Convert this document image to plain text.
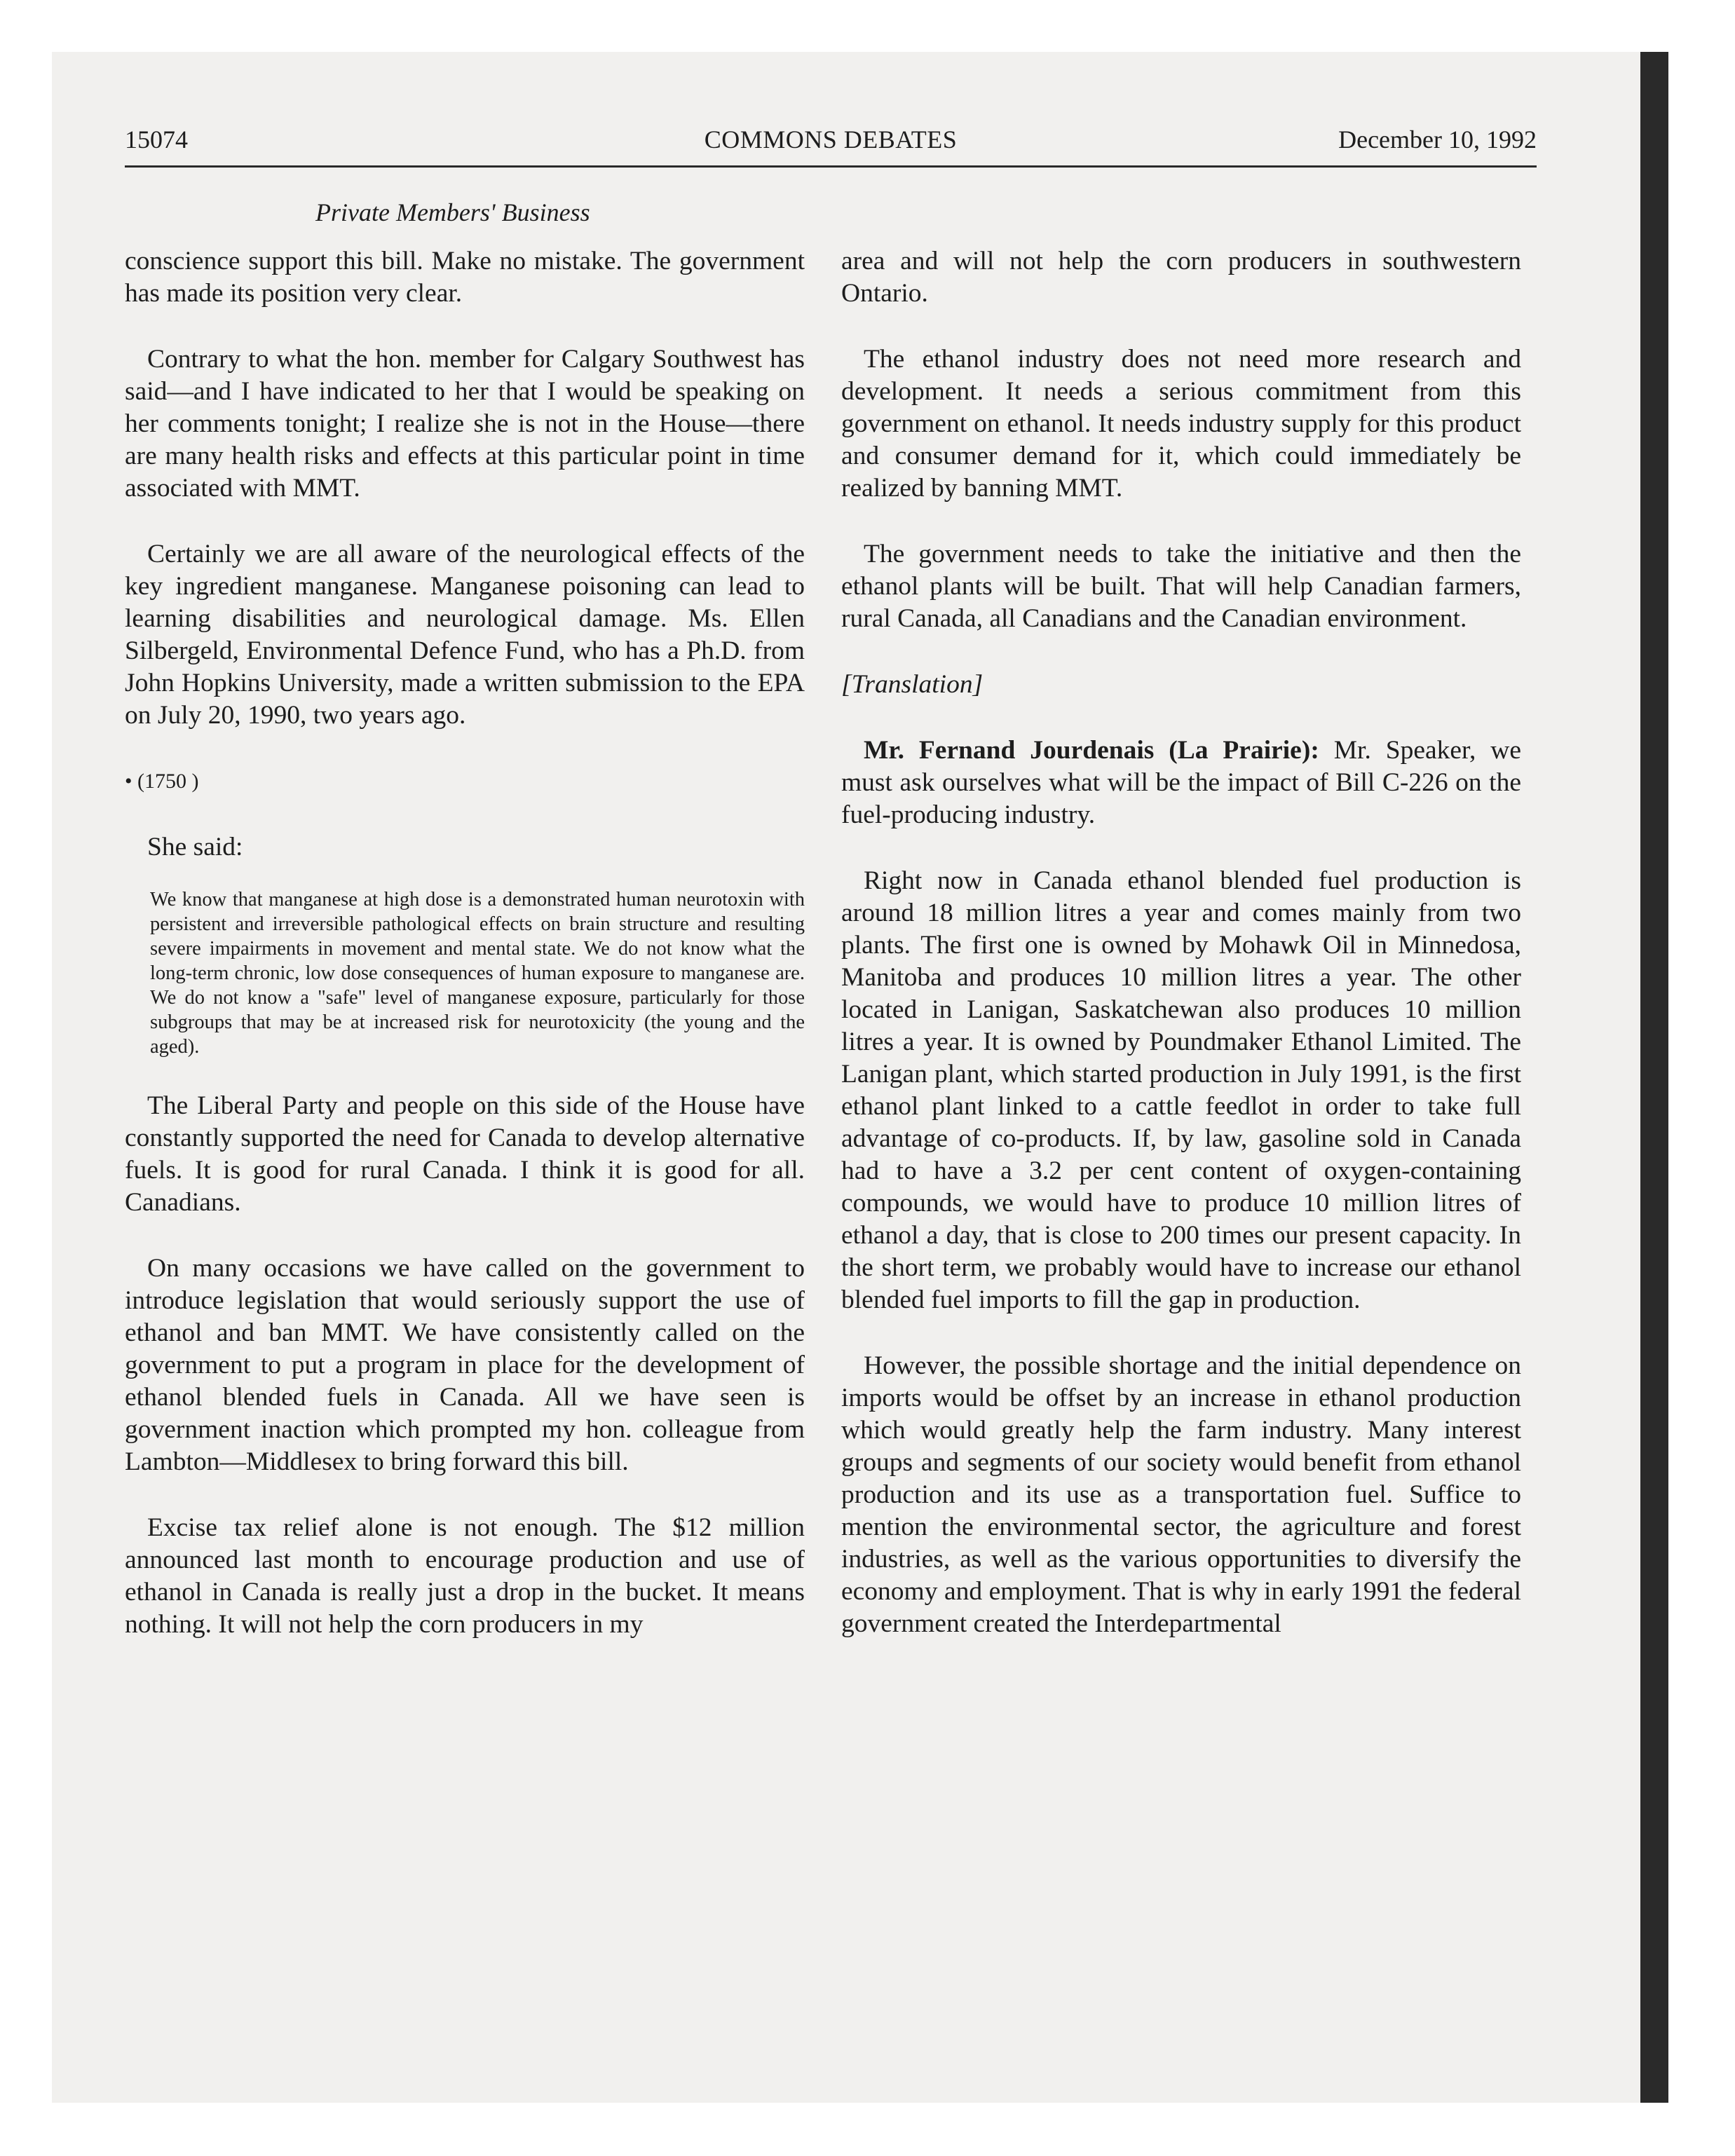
15074	COMMONS DEBATES	December 10, 1992
Private Members' Business

conscience support this bill. Make no mistake. The government has made its position very clear.

Contrary to what the hon. member for Calgary Southwest has said—and I have indicated to her that I would be speaking on her comments tonight; I realize she is not in the House—there are many health risks and effects at this particular point in time associated with MMT.

Certainly we are all aware of the neurological effects of the key ingredient manganese. Manganese poisoning can lead to learning disabilities and neurological damage. Ms. Ellen Silbergeld, Environmental Defence Fund, who has a Ph.D. from John Hopkins University, made a written submission to the EPA on July 20, 1990, two years ago.

• (1750 )

She said:

We know that manganese at high dose is a demonstrated human neurotoxin with persistent and irreversible pathological effects on brain structure and resulting severe impairments in movement and mental state. We do not know what the long-term chronic, low dose consequences of human exposure to manganese are. We do not know a "safe" level of manganese exposure, particularly for those subgroups that may be at increased risk for neurotoxicity (the young and the aged).

The Liberal Party and people on this side of the House have constantly supported the need for Canada to develop alternative fuels. It is good for rural Canada. I think it is good for all. Canadians.

On many occasions we have called on the government to introduce legislation that would seriously support the use of ethanol and ban MMT. We have consistently called on the government to put a program in place for the development of ethanol blended fuels in Canada. All we have seen is government inaction which prompted my hon. colleague from Lambton—Middlesex to bring forward this bill.

Excise tax relief alone is not enough. The $12 million announced last month to encourage production and use of ethanol in Canada is really just a drop in the bucket. It means nothing. It will not help the corn producers in my

area and will not help the corn producers in southwestern Ontario.

The ethanol industry does not need more research and development. It needs a serious commitment from this government on ethanol. It needs industry supply for this product and consumer demand for it, which could immediately be realized by banning MMT.

The government needs to take the initiative and then the ethanol plants will be built. That will help Canadian farmers, rural Canada, all Canadians and the Canadian environment.

[Translation]

Mr. Fernand Jourdenais (La Prairie): Mr. Speaker, we must ask ourselves what will be the impact of Bill C-226 on the fuel-producing industry.

Right now in Canada ethanol blended fuel production is around 18 million litres a year and comes mainly from two plants. The first one is owned by Mohawk Oil in Minnedosa, Manitoba and produces 10 million litres a year. The other located in Lanigan, Saskatchewan also produces 10 million litres a year. It is owned by Poundmaker Ethanol Limited. The Lanigan plant, which started production in July 1991, is the first ethanol plant linked to a cattle feedlot in order to take full advantage of co-products. If, by law, gasoline sold in Canada had to have a 3.2 per cent content of oxygen-containing compounds, we would have to produce 10 million litres of ethanol a day, that is close to 200 times our present capacity. In the short term, we probably would have to increase our ethanol blended fuel imports to fill the gap in production.

However, the possible shortage and the initial dependence on imports would be offset by an increase in ethanol production which would greatly help the farm industry. Many interest groups and segments of our society would benefit from ethanol production and its use as a transportation fuel. Suffice to mention the environmental sector, the agriculture and forest industries, as well as the various opportunities to diversify the economy and employment. That is why in early 1991 the federal government created the Interdepartmental
